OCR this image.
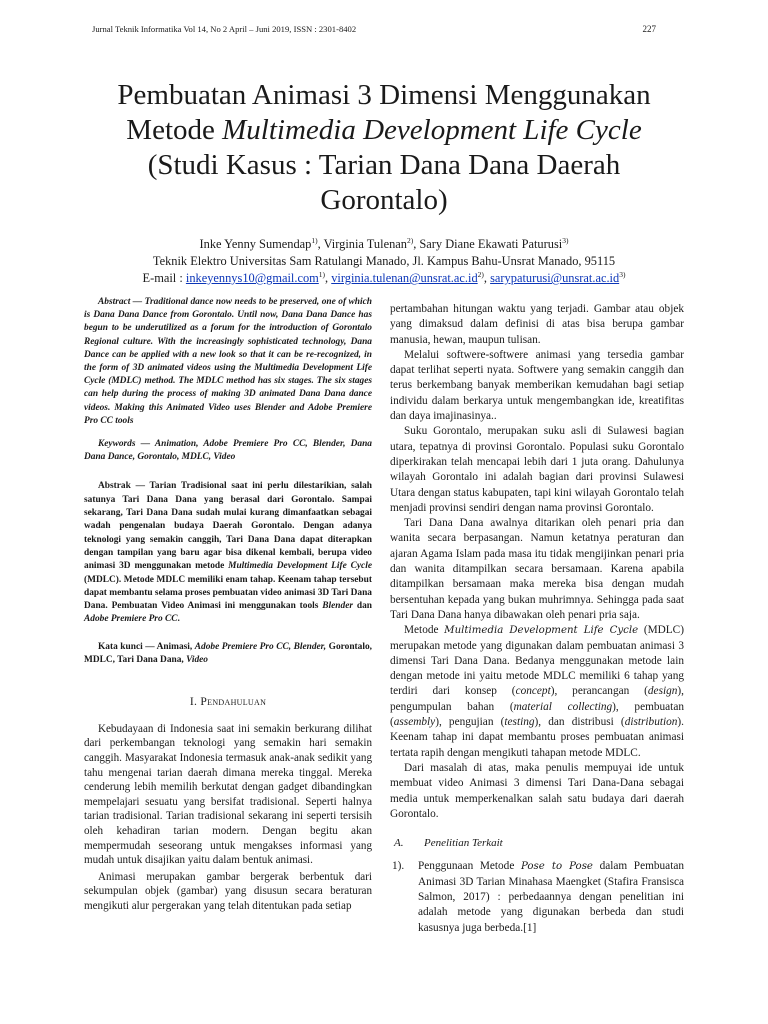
Jurnal Teknik Informatika Vol 14, No 2 April – Juni 2019, ISSN : 2301-8402	227
Pembuatan Animasi 3 Dimensi Menggunakan
Metode Multimedia Development Life Cycle
(Studi Kasus : Tarian Dana Dana Daerah
Gorontalo)
Inke Yenny Sumendap$^{1)}$, Virginia Tulenan$^{2)}$, Sary Diane Ekawati Paturusi$^{3)}$
Teknik Elektro Universitas Sam Ratulangi Manado, Jl. Kampus Bahu-Unsrat Manado, 95115
E-mail : inkeyennys10@gmail.com$^{1)}$, $virginia.tulenan@unsrat.ac.id^{2)}$, $sarypaturusi@unsrat.ac.id^{3)}$

Abstract — Traditional dance now needs to be preserved, one of which is Dana Dana Dance from Gorontalo. Until now, Dana Dana Dance has begun to be underutilized as a forum for the introduction of Gorontalo Regional culture. With the increasingly sophisticated technology, Dana Dance can be applied with a new look so that it can be re-recognized, in the form of 3D animated videos using the Multimedia Development Life Cycle (MDLC) method. The MDLC method has six stages. The six stages can help during the process of making 3D animated Dana Dana dance videos. Making this Animated Video uses Blender and Adobe Premiere Pro CC tools

Keywords — Animation, Adobe Premiere Pro CC, Blender, Dana Dana Dance, Gorontalo, MDLC, Video

Abstrak — Tarian Tradisional saat ini perlu dilestarikian, salah satunya Tari Dana Dana yang berasal dari Gorontalo. Sampai sekarang, Tari Dana Dana sudah mulai kurang dimanfaatkan sebagai wadah pengenalan budaya Daerah Gorontalo. Dengan adanya teknologi yang semakin canggih, Tari Dana Dana dapat diterapkan dengan tampilan yang baru agar bisa dikenal kembali, berupa video animasi 3D menggunakan metode Multimedia Development Life Cycle (MDLC). Metode MDLC memiliki enam tahap. Keenam tahap tersebut dapat membantu selama proses pembuatan video animasi 3D Tari Dana Dana. Pembuatan Video Animasi ini menggunakan tools Blender dan Adobe Premiere Pro CC.

Kata kunci — Animasi, Adobe Premiere Pro CC, Blender, Gorontalo, MDLC, Tari Dana Dana, Video

I. Pendahuluan

Kebudayaan di Indonesia saat ini semakin berkurang dilihat dari perkembangan teknologi yang semakin hari semakin canggih. Masyarakat Indonesia termasuk anak-anak sedikit yang tahu mengenai tarian daerah dimana mereka tinggal. Mereka cenderung lebih memilih berkutat dengan gadget dibandingkan mempelajari sesuatu yang bersifat tradisional. Seperti halnya tarian tradisional. Tarian tradisional sekarang ini seperti tersisih oleh kehadiran tarian modern. Dengan begitu akan mempermudah seseorang untuk mengakses informasi yang mudah untuk disajikan yaitu dalam bentuk animasi.

Animasi merupakan gambar bergerak berbentuk dari sekumpulan objek (gambar) yang disusun secara beraturan mengikuti alur pergerakan yang telah ditentukan pada setiap

pertambahan hitungan waktu yang terjadi. Gambar atau objek yang dimaksud dalam definisi di atas bisa berupa gambar manusia, hewan, maupun tulisan.

Melalui softwere-softwere animasi yang tersedia gambar dapat terlihat seperti nyata. Softwere yang semakin canggih dan terus berkembang banyak memberikan kemudahan bagi setiap individu dalam berkarya untuk mengembangkan ide, kreatifitas dan daya imajinasinya..

Suku Gorontalo, merupakan suku asli di Sulawesi bagian utara, tepatnya di provinsi Gorontalo. Populasi suku Gorontalo diperkirakan telah mencapai lebih dari 1 juta orang. Dahulunya wilayah Gorontalo ini adalah bagian dari provinsi Sulawesi Utara dengan status kabupaten, tapi kini wilayah Gorontalo telah menjadi provinsi sendiri dengan nama provinsi Gorontalo.

Tari Dana Dana awalnya ditarikan oleh penari pria dan wanita secara berpasangan. Namun ketatnya peraturan dan ajaran Agama Islam pada masa itu tidak mengijinkan penari pria dan wanita ditampilkan secara bersamaan. Karena apabila ditampilkan bersamaan maka mereka bisa dengan mudah bersentuhan kepada yang bukan muhrimnya. Sehingga pada saat Tari Dana Dana hanya dibawakan oleh penari pria saja.

Metode Multimedia Development Life Cycle (MDLC) merupakan metode yang digunakan dalam pembuatan animasi 3 dimensi Tari Dana Dana. Bedanya menggunakan metode lain dengan metode ini yaitu metode MDLC memiliki 6 tahap yang terdiri dari konsep (concept), perancangan (design), pengumpulan bahan (material collecting), pembuatan (assembly), pengujian (testing), dan distribusi (distribution). Keenam tahap ini dapat membantu proses pembuatan animasi tertata rapih dengan mengikuti tahapan metode MDLC.

Dari masalah di atas, maka penulis mempuyai ide untuk membuat video Animasi 3 dimensi Tari Dana-Dana sebagai media untuk memperkenalkan salah satu budaya dari daerah Gorontalo.

A. Penelitian Terkait
1).	Penggunaan Metode Pose to Pose dalam Pembuatan Animasi 3D Tarian Minahasa Maengket (Stafira Fransisca Salmon, 2017) : perbedaannya dengan penelitian ini adalah metode yang digunakan berbeda dan studi kasusnya juga berbeda.[1]
